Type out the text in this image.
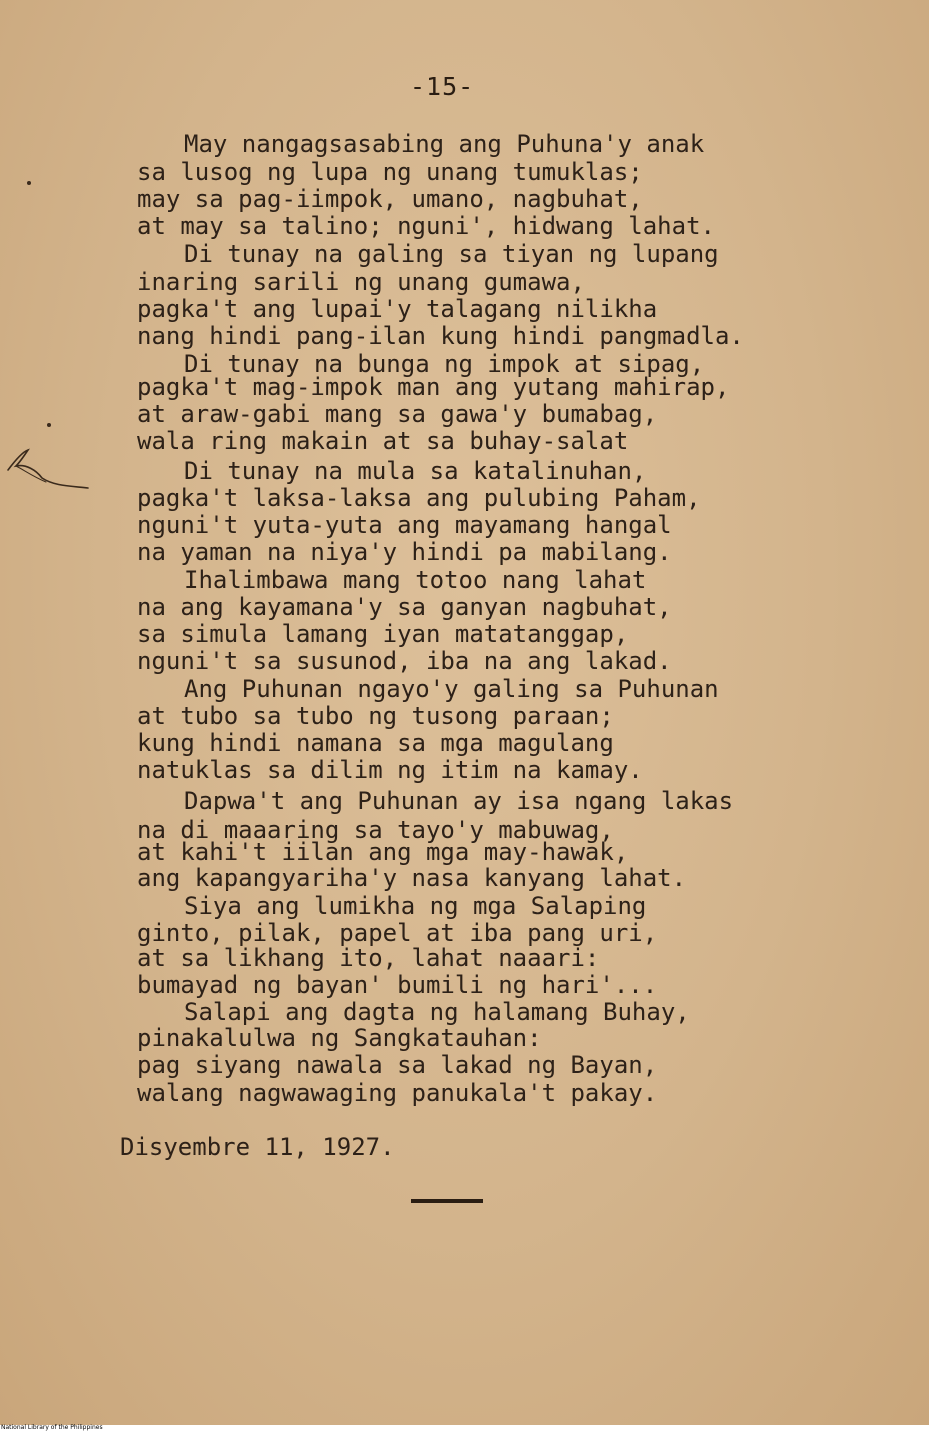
-15-
May nangagsasabing ang Puhuna'y anak
sa lusog ng lupa ng unang tumuklas;
may sa pag-iimpok, umano, nagbuhat,
at may sa talino; nguni', hidwang lahat.
Di tunay na galing sa tiyan ng lupang
inaring sarili ng unang gumawa,
pagka't ang lupai'y talagang nilikha
nang hindi pang-ilan kung hindi pangmadla.
Di tunay na bunga ng impok at sipag,
pagka't mag-impok man ang yutang mahirap,
at araw-gabi mang sa gawa'y bumabag,
wala ring makain at sa buhay-salat
Di tunay na mula sa katalinuhan,
pagka't laksa-laksa ang pulubing Paham,
nguni't yuta-yuta ang mayamang hangal
na yaman na niya'y hindi pa mabilang.
Ihalimbawa mang totoo nang lahat
na ang kayamana'y sa ganyan nagbuhat,
sa simula lamang iyan matatanggap,
nguni't sa susunod, iba na ang lakad.
Ang Puhunan ngayo'y galing sa Puhunan
at tubo sa tubo ng tusong paraan;
kung hindi namana sa mga magulang
natuklas sa dilim ng itim na kamay.
Dapwa't ang Puhunan ay isa ngang lakas
na di maaaring sa tayo'y mabuwag,
at kahi't iilan ang mga may-hawak,
ang kapangyariha'y nasa kanyang lahat.
Siya ang lumikha ng mga Salaping
ginto, pilak, papel at iba pang uri,
at sa likhang ito, lahat naaari:
bumayad ng bayan' bumili ng hari'...
Salapi ang dagta ng halamang Buhay,
pinakalulwa ng Sangkatauhan:
pag siyang nawala sa lakad ng Bayan,
walang nagwawaging panukala't pakay.
Disyembre 11, 1927.
National Library of the Philippines
